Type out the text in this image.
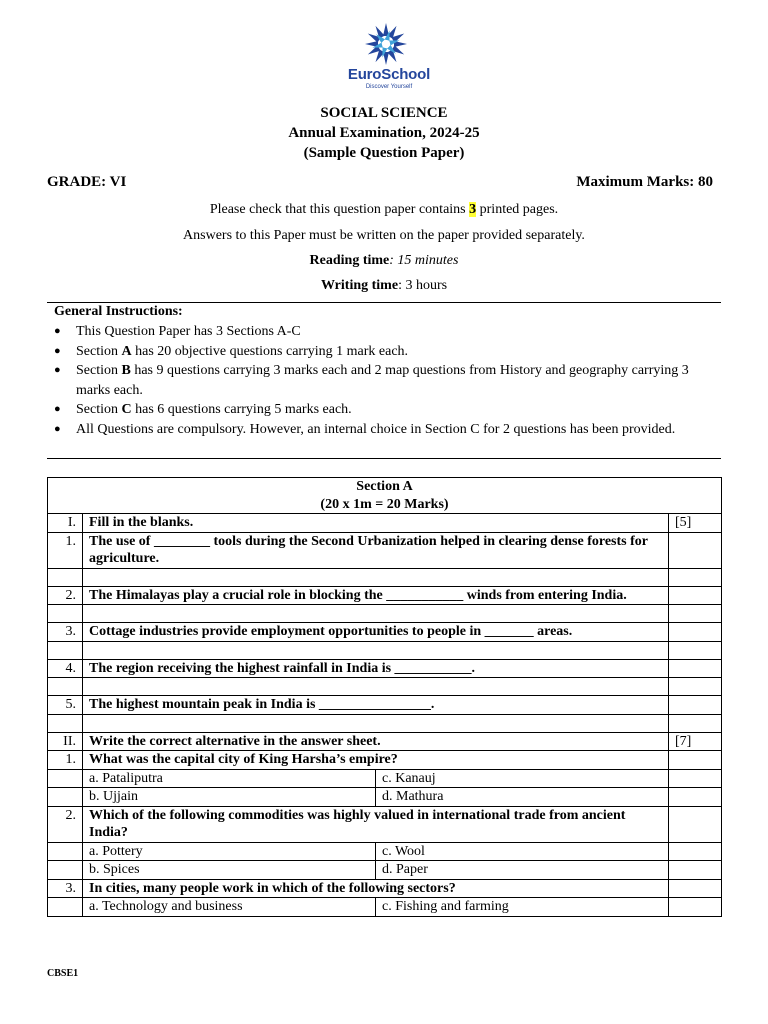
EuroSchool
Discover Yourself
SOCIAL SCIENCE
Annual Examination, 2024-25
(Sample Question Paper)
GRADE: VI	Maximum Marks: 80
Please check that this question paper contains 3 printed pages.
Answers to this Paper must be written on the paper provided separately.
Reading time: 15 minutes
Writing time: 3 hours
General Instructions:
● This Question Paper has 3 Sections A-C
● Section A has 20 objective questions carrying 1 mark each.
● Section B has 9 questions carrying 3 marks each and 2 map questions from History and geography carrying 3 marks each.
● Section C has 6 questions carrying 5 marks each.
● All Questions are compulsory. However, an internal choice in Section C for 2 questions has been provided.
Section A
(20 x 1m = 20 Marks)			

I.	Fill in the blanks.		[5]
1.	The use of ________ tools during the Second Urbanization helped in clearing dense forests for agriculture.		

2.	The Himalayas play a crucial role in blocking the ___________ winds from entering India.		

3.	Cottage industries provide employment opportunities to people in _______ areas.		

4.	The region receiving the highest rainfall in India is ___________.		

5.	The highest mountain peak in India is ________________.		

II.	Write the correct alternative in the answer sheet.		[7]
1.	What was the capital city of King Harsha’s empire?		
	a. Pataliputra	c. Kanauj	
	b. Ujjain	d. Mathura	
2.	Which of the following commodities was highly valued in international trade from ancient India?		
	a. Pottery	c. Wool	
	b. Spices	d. Paper	
3.	In cities, many people work in which of the following sectors?		
	a. Technology and business	c. Fishing and farming	
CBSE1
